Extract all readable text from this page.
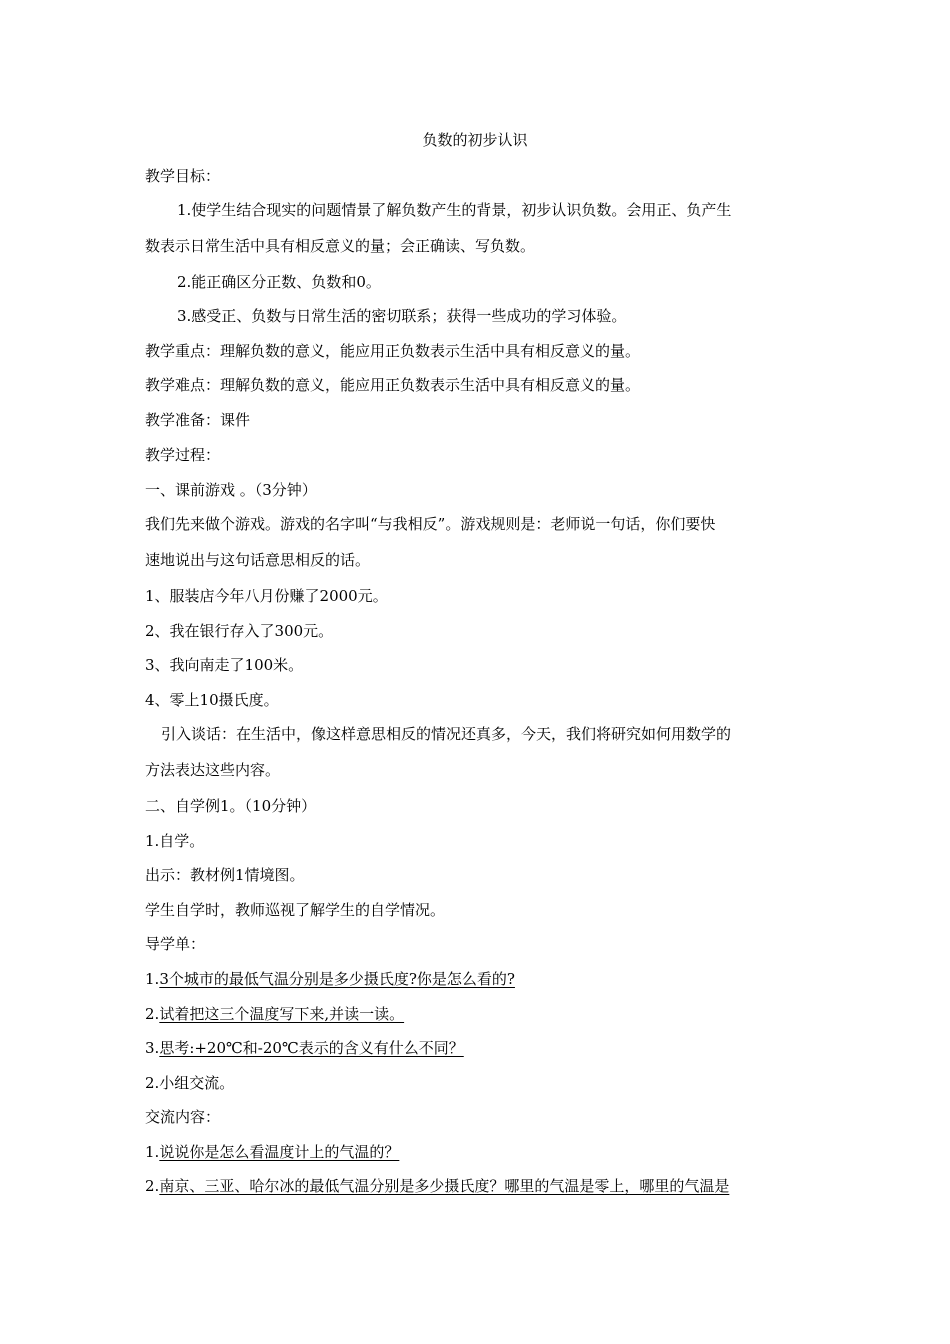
负数的初步认识
教学目标：
1.使学生结合现实的问题情景了解负数产生的背景，初步认识负数。会用正、负产生
数表示日常生活中具有相反意义的量；会正确读、写负数。
2.能正确区分正数、负数和0。
3.感受正、负数与日常生活的密切联系；获得一些成功的学习体验。
教学重点：理解负数的意义，能应用正负数表示生活中具有相反意义的量。
教学难点：理解负数的意义，能应用正负数表示生活中具有相反意义的量。
教学准备：课件
教学过程：
一、课前游戏 。（3分钟）
我们先来做个游戏。游戏的名字叫“与我相反”。游戏规则是：老师说一句话，你们要快
速地说出与这句话意思相反的话。
1、服装店今年八月份赚了2000元。
2、我在银行存入了300元。
3、我向南走了100米。
4、零上10摄氏度。
引入谈话：在生活中，像这样意思相反的情况还真多，今天，我们将研究如何用数学的
方法表达这些内容。
二、自学例1。（10分钟）
1.自学。
出示：教材例1情境图。
学生自学时，教师巡视了解学生的自学情况。
导学单：
1.3个城市的最低气温分别是多少摄氏度?你是怎么看的?
2.试着把这三个温度写下来,并读一读。
3.思考:+20℃和-20℃表示的含义有什么不同？
2.小组交流。
交流内容：
1.说说你是怎么看温度计上的气温的？
2.南京、三亚、哈尔冰的最低气温分别是多少摄氏度？哪里的气温是零上，哪里的气温是
